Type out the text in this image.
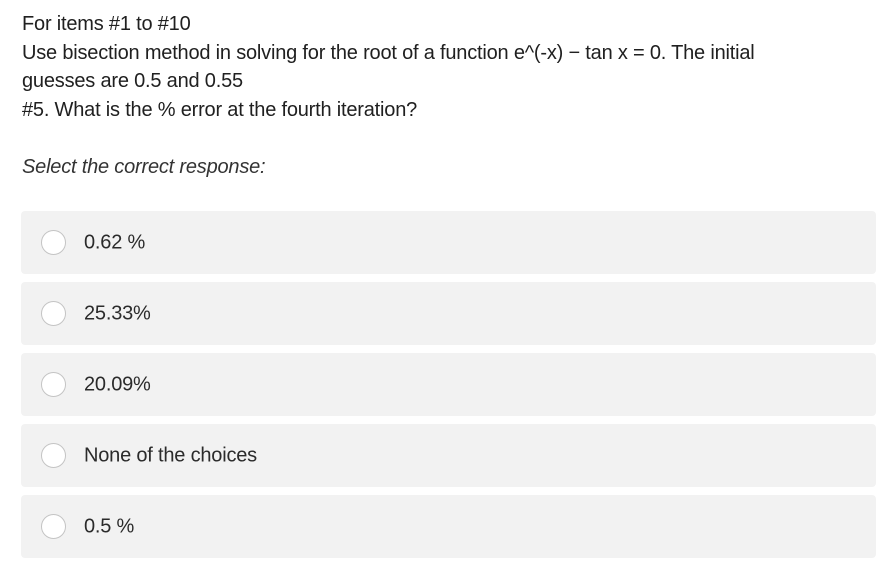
For items #1 to #10
Use bisection method in solving for the root of a function e^(-x) − tan x = 0. The initial
guesses are 0.5 and 0.55
#5. What is the % error at the fourth iteration?
Select the correct response:
0.62 %
25.33%
20.09%
None of the choices
0.5 %
